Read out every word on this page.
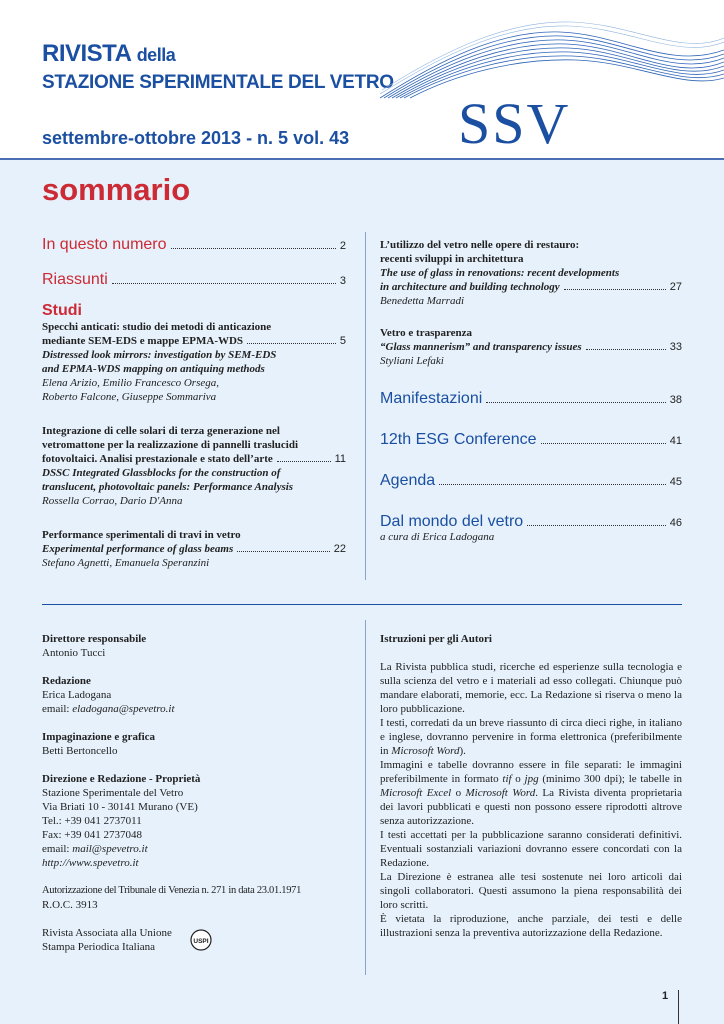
RIVISTA della
STAZIONE SPERIMENTALE DEL VETRO
settembre-ottobre 2013 - n. 5 vol. 43 SSV
sommario
In questo numero	2
Riassunti	3
Studi
Specchi anticati: studio dei metodi di anticazione
mediante SEM-EDS e mappe EPMA-WDS	5
Distressed look mirrors: investigation by SEM-EDS
and EPMA-WDS mapping on antiquing methods
Elena Arizio, Emilio Francesco Orsega,
Roberto Falcone, Giuseppe Sommariva
Integrazione di celle solari di terza generazione nel
vetromattone per la realizzazione di pannelli traslucidi
fotovoltaici. Analisi prestazionale e stato dell’arte	11
DSSC Integrated Glassblocks for the construction of
translucent, photovoltaic panels: Performance Analysis
Rossella Corrao, Dario D'Anna
Performance sperimentali di travi in vetro
Experimental performance of glass beams	22
Stefano Agnetti, Emanuela Speranzini
L’utilizzo del vetro nelle opere di restauro:
recenti sviluppi in architettura
The use of glass in renovations: recent developments
in architecture and building technology	27
Benedetta Marradi
Vetro e trasparenza
“Glass mannerism” and transparency issues	33
Styliani Lefaki
Manifestazioni	38
12th ESG Conference	41
Agenda	45
Dal mondo del vetro	46
a cura di Erica Ladogana

Direttore responsabile

Antonio Tucci

Redazione

Erica Ladogana

email: eladogana@spevetro.it

Impaginazione e grafica

Betti Bertoncello

Direzione e Redazione - Proprietà

Stazione Sperimentale del Vetro

Via Briati 10 - 30141 Murano (VE)

Tel.: +39 041 2737011

Fax: +39 041 2737048

email: mail@spevetro.it

http://www.spevetro.it

Autorizzazione del Tribunale di Venezia n. 271 in data 23.01.1971

R.O.C. 3913

Rivista Associata alla Unione

Stampa Periodica Italiana	USPI

Istruzioni per gli Autori

La Rivista pubblica studi, ricerche ed esperienze sulla tecnologia e sulla scienza del vetro e i materiali ad esso collegati. Chiunque può mandare elaborati, memorie, ecc. La Redazione si riserva o meno la loro pubblicazione.

I testi, corredati da un breve riassunto di circa dieci righe, in italiano e inglese, dovranno pervenire in forma elettronica (preferibilmente in Microsoft Word).

Immagini e tabelle dovranno essere in file separati: le immagini preferibilmente in formato tif o jpg (minimo 300 dpi); le tabelle in Microsoft Excel o Microsoft Word. La Rivista diventa proprietaria dei lavori pubblicati e questi non possono essere riprodotti altrove senza autorizzazione.

I testi accettati per la pubblicazione saranno considerati definitivi. Eventuali sostanziali variazioni dovranno essere concordati con la Redazione.

La Direzione è estranea alle tesi sostenute nei loro articoli dai singoli collaboratori. Questi assumono la piena responsabilità dei loro scritti.

È vietata la riproduzione, anche parziale, dei testi e delle illustrazioni senza la preventiva autorizzazione della Redazione.

1
